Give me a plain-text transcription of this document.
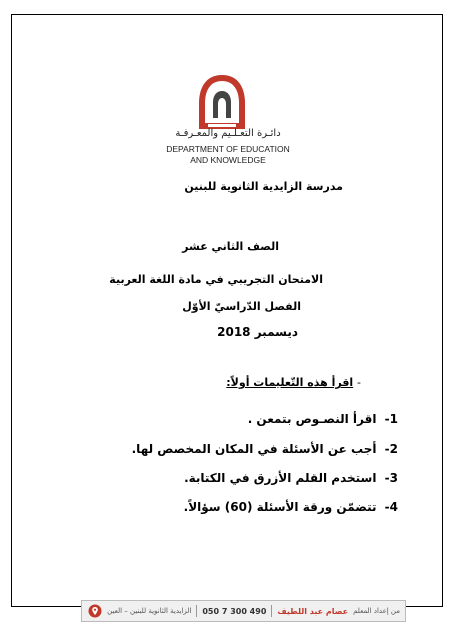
دائـرة التعـلـيم والمعـرفـة
DEPARTMENT OF EDUCATION
AND KNOWLEDGE
مدرسة الزايدية الثانوية للبنين
الصف الثاني عشر
الامتحان التجريبي في مادة اللغة العربية
الفصل الدّراسيّ الأوّل
ديسمبر 2018
- اقرأ هذه التّعليمات أولاً:
1- اقرأ النصـوص بتمعن .
2- أجب عن الأسئلة في المكان المخصص لها.
3- استخدم القلم الأزرق في الكتابة.
4- تتضمّن ورقة الأسئلة (60) سؤالاً.
من إعداد المعلم
عصام عبد اللطيف
050 7 300 490
الزايدية الثانوية للبنين – العين
